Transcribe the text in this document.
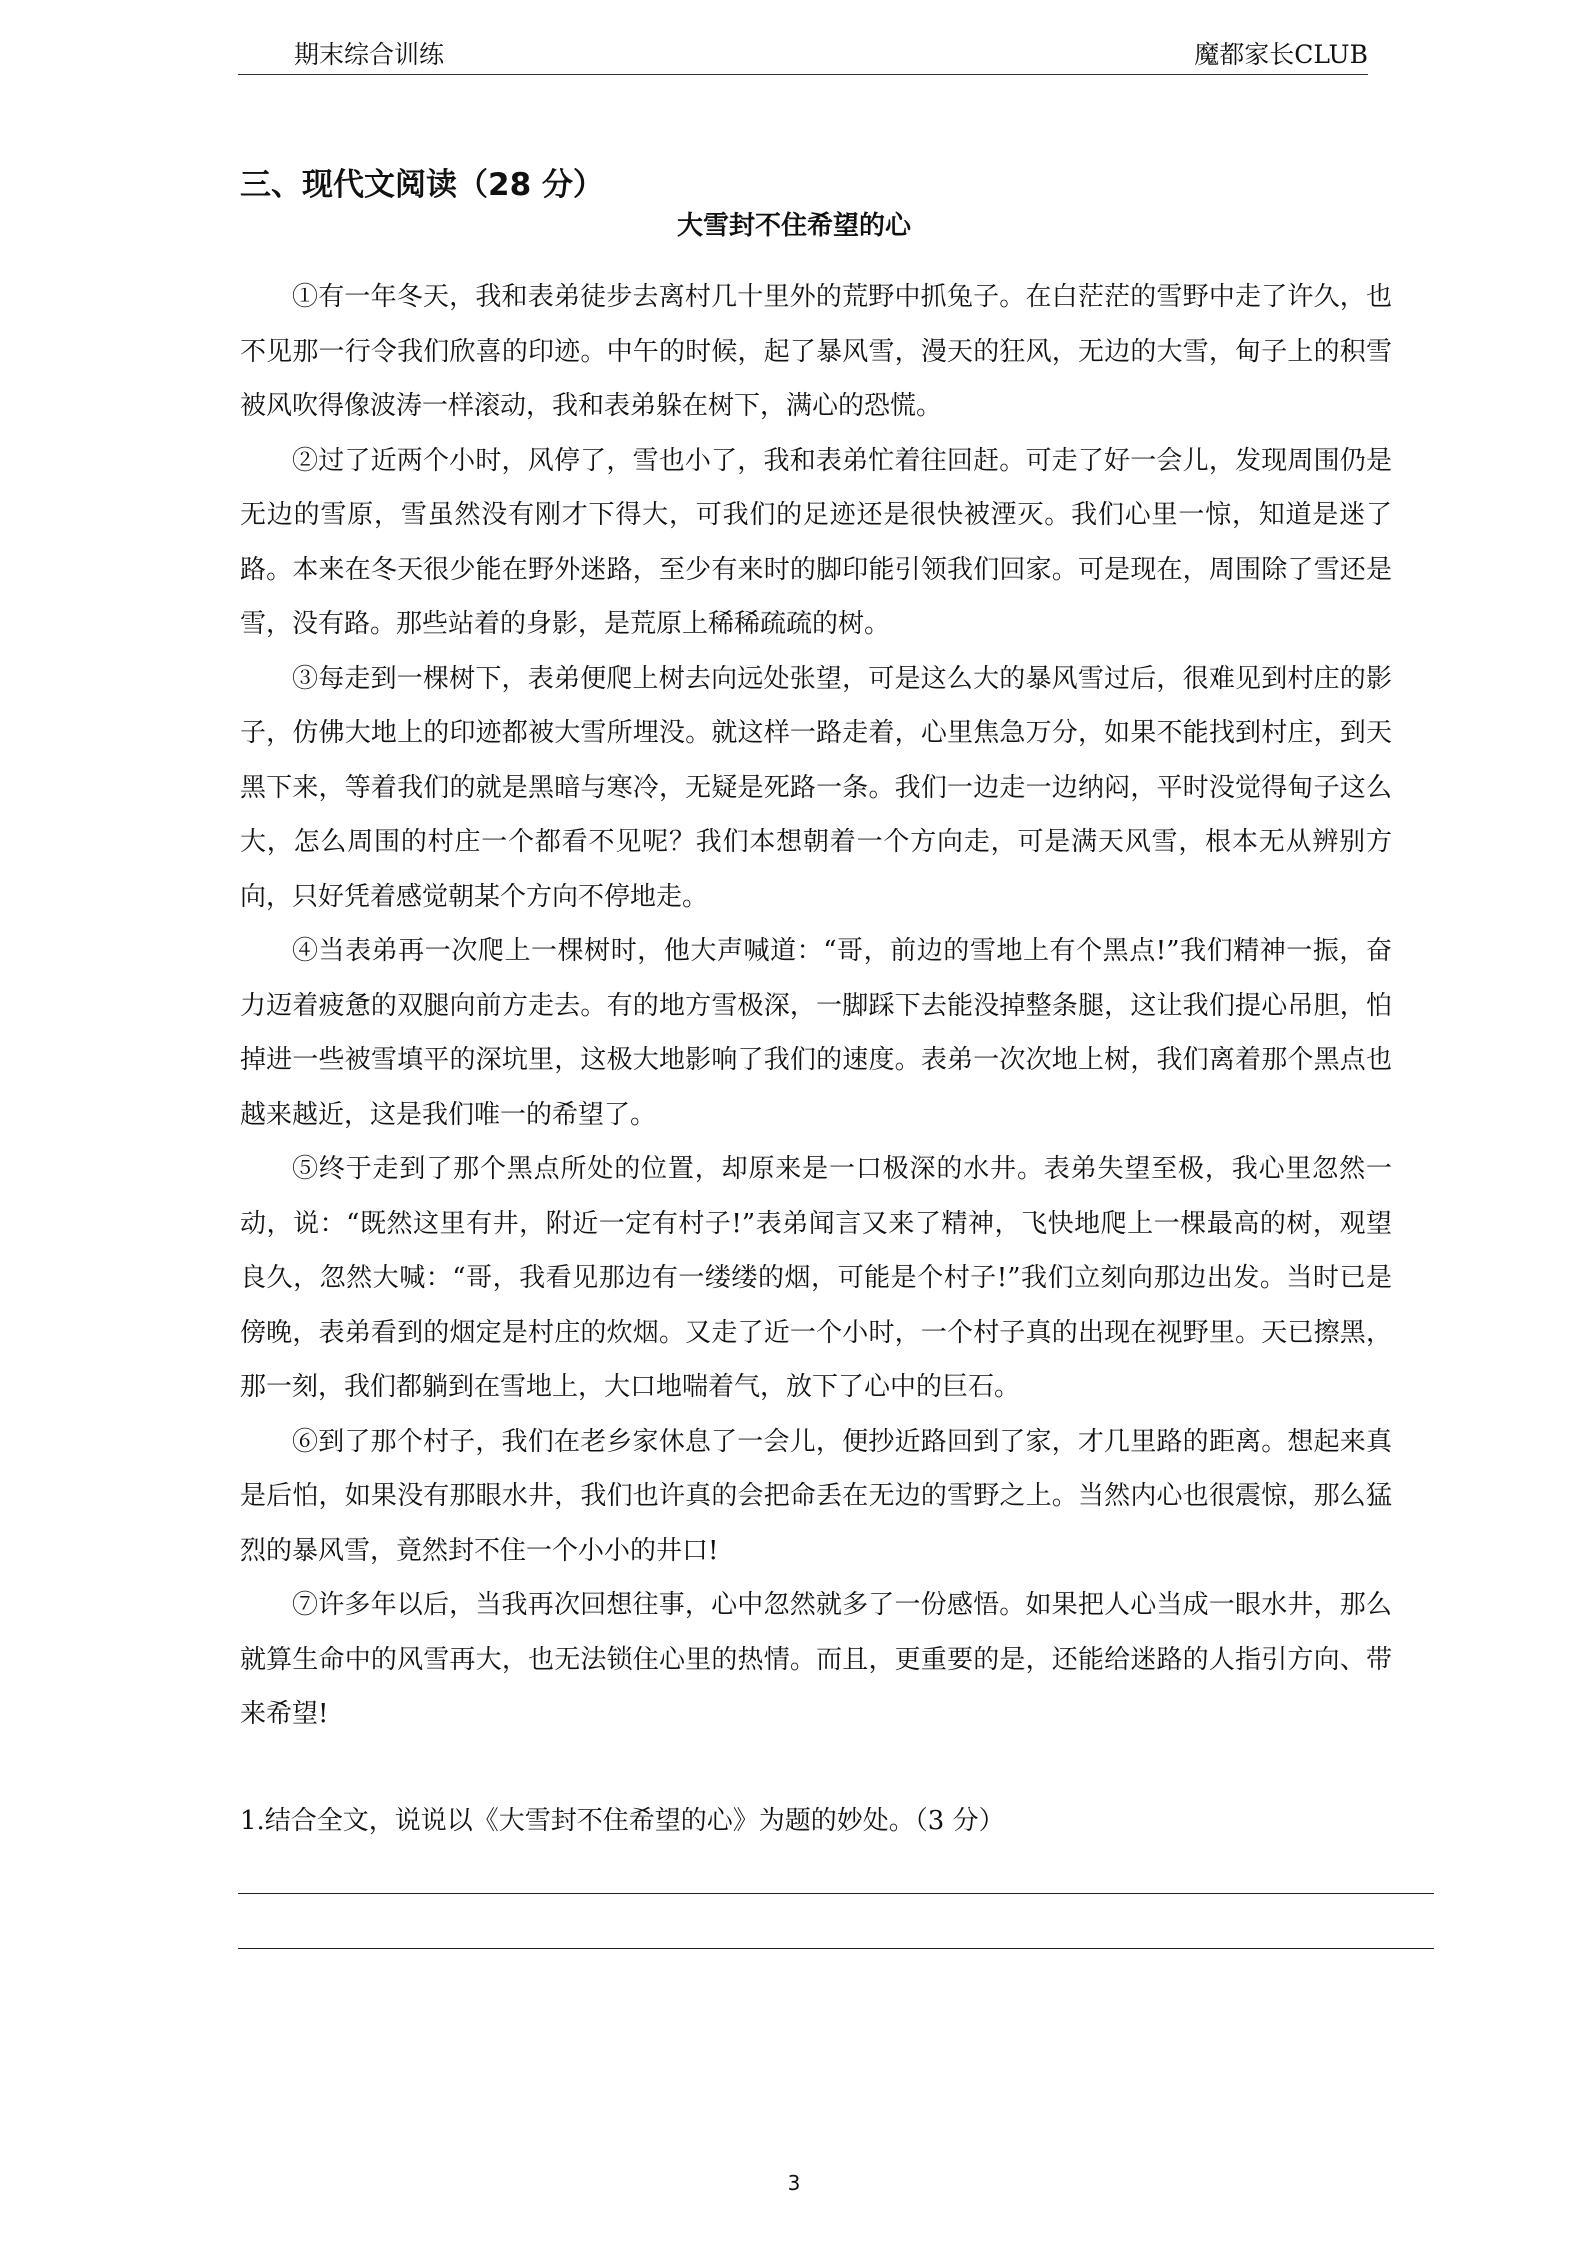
期末综合训练	魔都家长CLUB
三、现代文阅读（28 分）
大雪封不住希望的心

①有一年冬天，我和表弟徒步去离村几十里外的荒野中抓兔子。在白茫茫的雪野中走了许久，也不见那一行令我们欣喜的印迹。中午的时候，起了暴风雪，漫天的狂风，无边的大雪，甸子上的积雪被风吹得像波涛一样滚动，我和表弟躲在树下，满心的恐慌。

②过了近两个小时，风停了，雪也小了，我和表弟忙着往回赶。可走了好一会儿，发现周围仍是无边的雪原，雪虽然没有刚才下得大，可我们的足迹还是很快被湮灭。我们心里一惊，知道是迷了路。本来在冬天很少能在野外迷路，至少有来时的脚印能引领我们回家。可是现在，周围除了雪还是雪，没有路。那些站着的身影，是荒原上稀稀疏疏的树。

③每走到一棵树下，表弟便爬上树去向远处张望，可是这么大的暴风雪过后，很难见到村庄的影子，仿佛大地上的印迹都被大雪所埋没。就这样一路走着，心里焦急万分，如果不能找到村庄，到天黑下来，等着我们的就是黑暗与寒冷，无疑是死路一条。我们一边走一边纳闷，平时没觉得甸子这么大，怎么周围的村庄一个都看不见呢？我们本想朝着一个方向走，可是满天风雪，根本无从辨别方向，只好凭着感觉朝某个方向不停地走。

④当表弟再一次爬上一棵树时，他大声喊道：“哥，前边的雪地上有个黑点!”我们精神一振，奋力迈着疲惫的双腿向前方走去。有的地方雪极深，一脚踩下去能没掉整条腿，这让我们提心吊胆，怕掉进一些被雪填平的深坑里，这极大地影响了我们的速度。表弟一次次地上树，我们离着那个黑点也越来越近，这是我们唯一的希望了。

⑤终于走到了那个黑点所处的位置，却原来是一口极深的水井。表弟失望至极，我心里忽然一动，说：“既然这里有井，附近一定有村子!”表弟闻言又来了精神，飞快地爬上一棵最高的树，观望良久，忽然大喊：“哥，我看见那边有一缕缕的烟，可能是个村子!”我们立刻向那边出发。当时已是傍晚，表弟看到的烟定是村庄的炊烟。又走了近一个小时，一个村子真的出现在视野里。天已擦黑，那一刻，我们都躺到在雪地上，大口地喘着气，放下了心中的巨石。

⑥到了那个村子，我们在老乡家休息了一会儿，便抄近路回到了家，才几里路的距离。想起来真是后怕，如果没有那眼水井，我们也许真的会把命丢在无边的雪野之上。当然内心也很震惊，那么猛烈的暴风雪，竟然封不住一个小小的井口!

⑦许多年以后，当我再次回想往事，心中忽然就多了一份感悟。如果把人心当成一眼水井，那么就算生命中的风雪再大，也无法锁住心里的热情。而且，更重要的是，还能给迷路的人指引方向、带来希望!

1.结合全文，说说以《大雪封不住希望的心》为题的妙处。（3 分）
3
